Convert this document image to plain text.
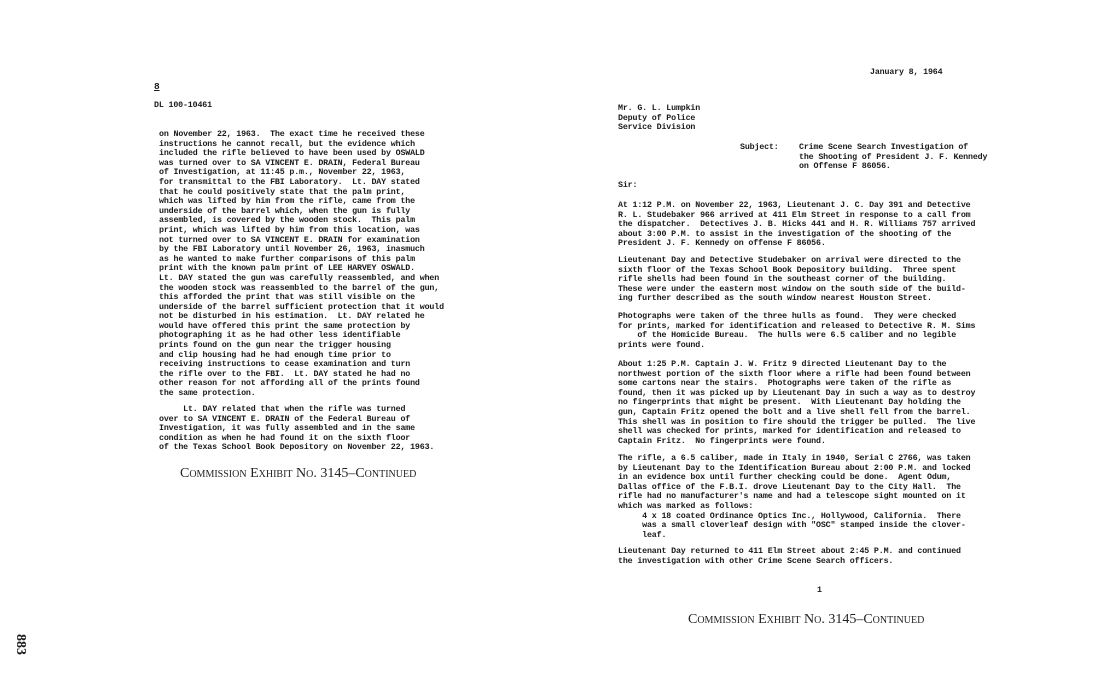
883
8
DL 100-10461
on November 22, 1963.  The exact time he received these
instructions he cannot recall, but the evidence which
included the rifle believed to have been used by OSWALD
was turned over to SA VINCENT E. DRAIN, Federal Bureau
of Investigation, at 11:45 p.m., November 22, 1963,
for transmittal to the FBI Laboratory.  Lt. DAY stated
that he could positively state that the palm print,
which was lifted by him from the rifle, came from the
underside of the barrel which, when the gun is fully
assembled, is covered by the wooden stock.  This palm
print, which was lifted by him from this location, was
not turned over to SA VINCENT E. DRAIN for examination
by the FBI Laboratory until November 26, 1963, inasmuch
as he wanted to make further comparisons of this palm
print with the known palm print of LEE HARVEY OSWALD.
Lt. DAY stated the gun was carefully reassembled, and when
the wooden stock was reassembled to the barrel of the gun,
this afforded the print that was still visible on the
underside of the barrel sufficient protection that it would
not be disturbed in his estimation.  Lt. DAY related he
would have offered this print the same protection by
photographing it as he had other less identifiable
prints found on the gun near the trigger housing
and clip housing had he had enough time prior to
receiving instructions to cease examination and turn
the rifle over to the FBI.  Lt. DAY stated he had no
other reason for not affording all of the prints found
the same protection.
Lt. DAY related that when the rifle was turned
over to SA VINCENT E. DRAIN of the Federal Bureau of
Investigation, it was fully assembled and in the same
condition as when he had found it on the sixth floor
of the Texas School Book Depository on November 22, 1963.
Commission Exhibit No. 3145–Continued
January 8, 1964
Mr. G. L. Lumpkin
Deputy of Police
Service Division
Subject: Crime Scene Search Investigation of
the Shooting of President J. F. Kennedy
on Offense F 86056.
Sir:
At 1:12 P.M. on November 22, 1963, Lieutenant J. C. Day 391 and Detective
R. L. Studebaker 966 arrived at 411 Elm Street in response to a call from
the dispatcher.  Detectives J. B. Hicks 441 and H. R. Williams 757 arrived
about 3:00 P.M. to assist in the investigation of the shooting of the
President J. F. Kennedy on offense F 86056.
Lieutenant Day and Detective Studebaker on arrival were directed to the
sixth floor of the Texas School Book Depository building.  Three spent
rifle shells had been found in the southeast corner of the building.
These were under the eastern most window on the south side of the build-
ing further described as the south window nearest Houston Street.
Photographs were taken of the three hulls as found.  They were checked
for prints, marked for identification and released to Detective R. M. Sims
of the Homicide Bureau.  The hulls were 6.5 caliber and no legible
prints were found.
About 1:25 P.M. Captain J. W. Fritz 9 directed Lieutenant Day to the
northwest portion of the sixth floor where a rifle had been found between
some cartons near the stairs.  Photographs were taken of the rifle as
found, then it was picked up by Lieutenant Day in such a way as to destroy
no fingerprints that might be present.  With Lieutenant Day holding the
gun, Captain Fritz opened the bolt and a live shell fell from the barrel.
This shell was in position to fire should the trigger be pulled.  The live
shell was checked for prints, marked for identification and released to
Captain Fritz.  No fingerprints were found.
The rifle, a 6.5 caliber, made in Italy in 1940, Serial C 2766, was taken
by Lieutenant Day to the Identification Bureau about 2:00 P.M. and locked
in an evidence box until further checking could be done.  Agent Odum,
Dallas office of the F.B.I. drove Lieutenant Day to the City Hall.  The
rifle had no manufacturer's name and had a telescope sight mounted on it
which was marked as follows:
4 x 18 coated Ordinance Optics Inc., Hollywood, California.  There
was a small cloverleaf design with "OSC" stamped inside the clover-
leaf.
Lieutenant Day returned to 411 Elm Street about 2:45 P.M. and continued
the investigation with other Crime Scene Search officers.
1
Commission Exhibit No. 3145–Continued
